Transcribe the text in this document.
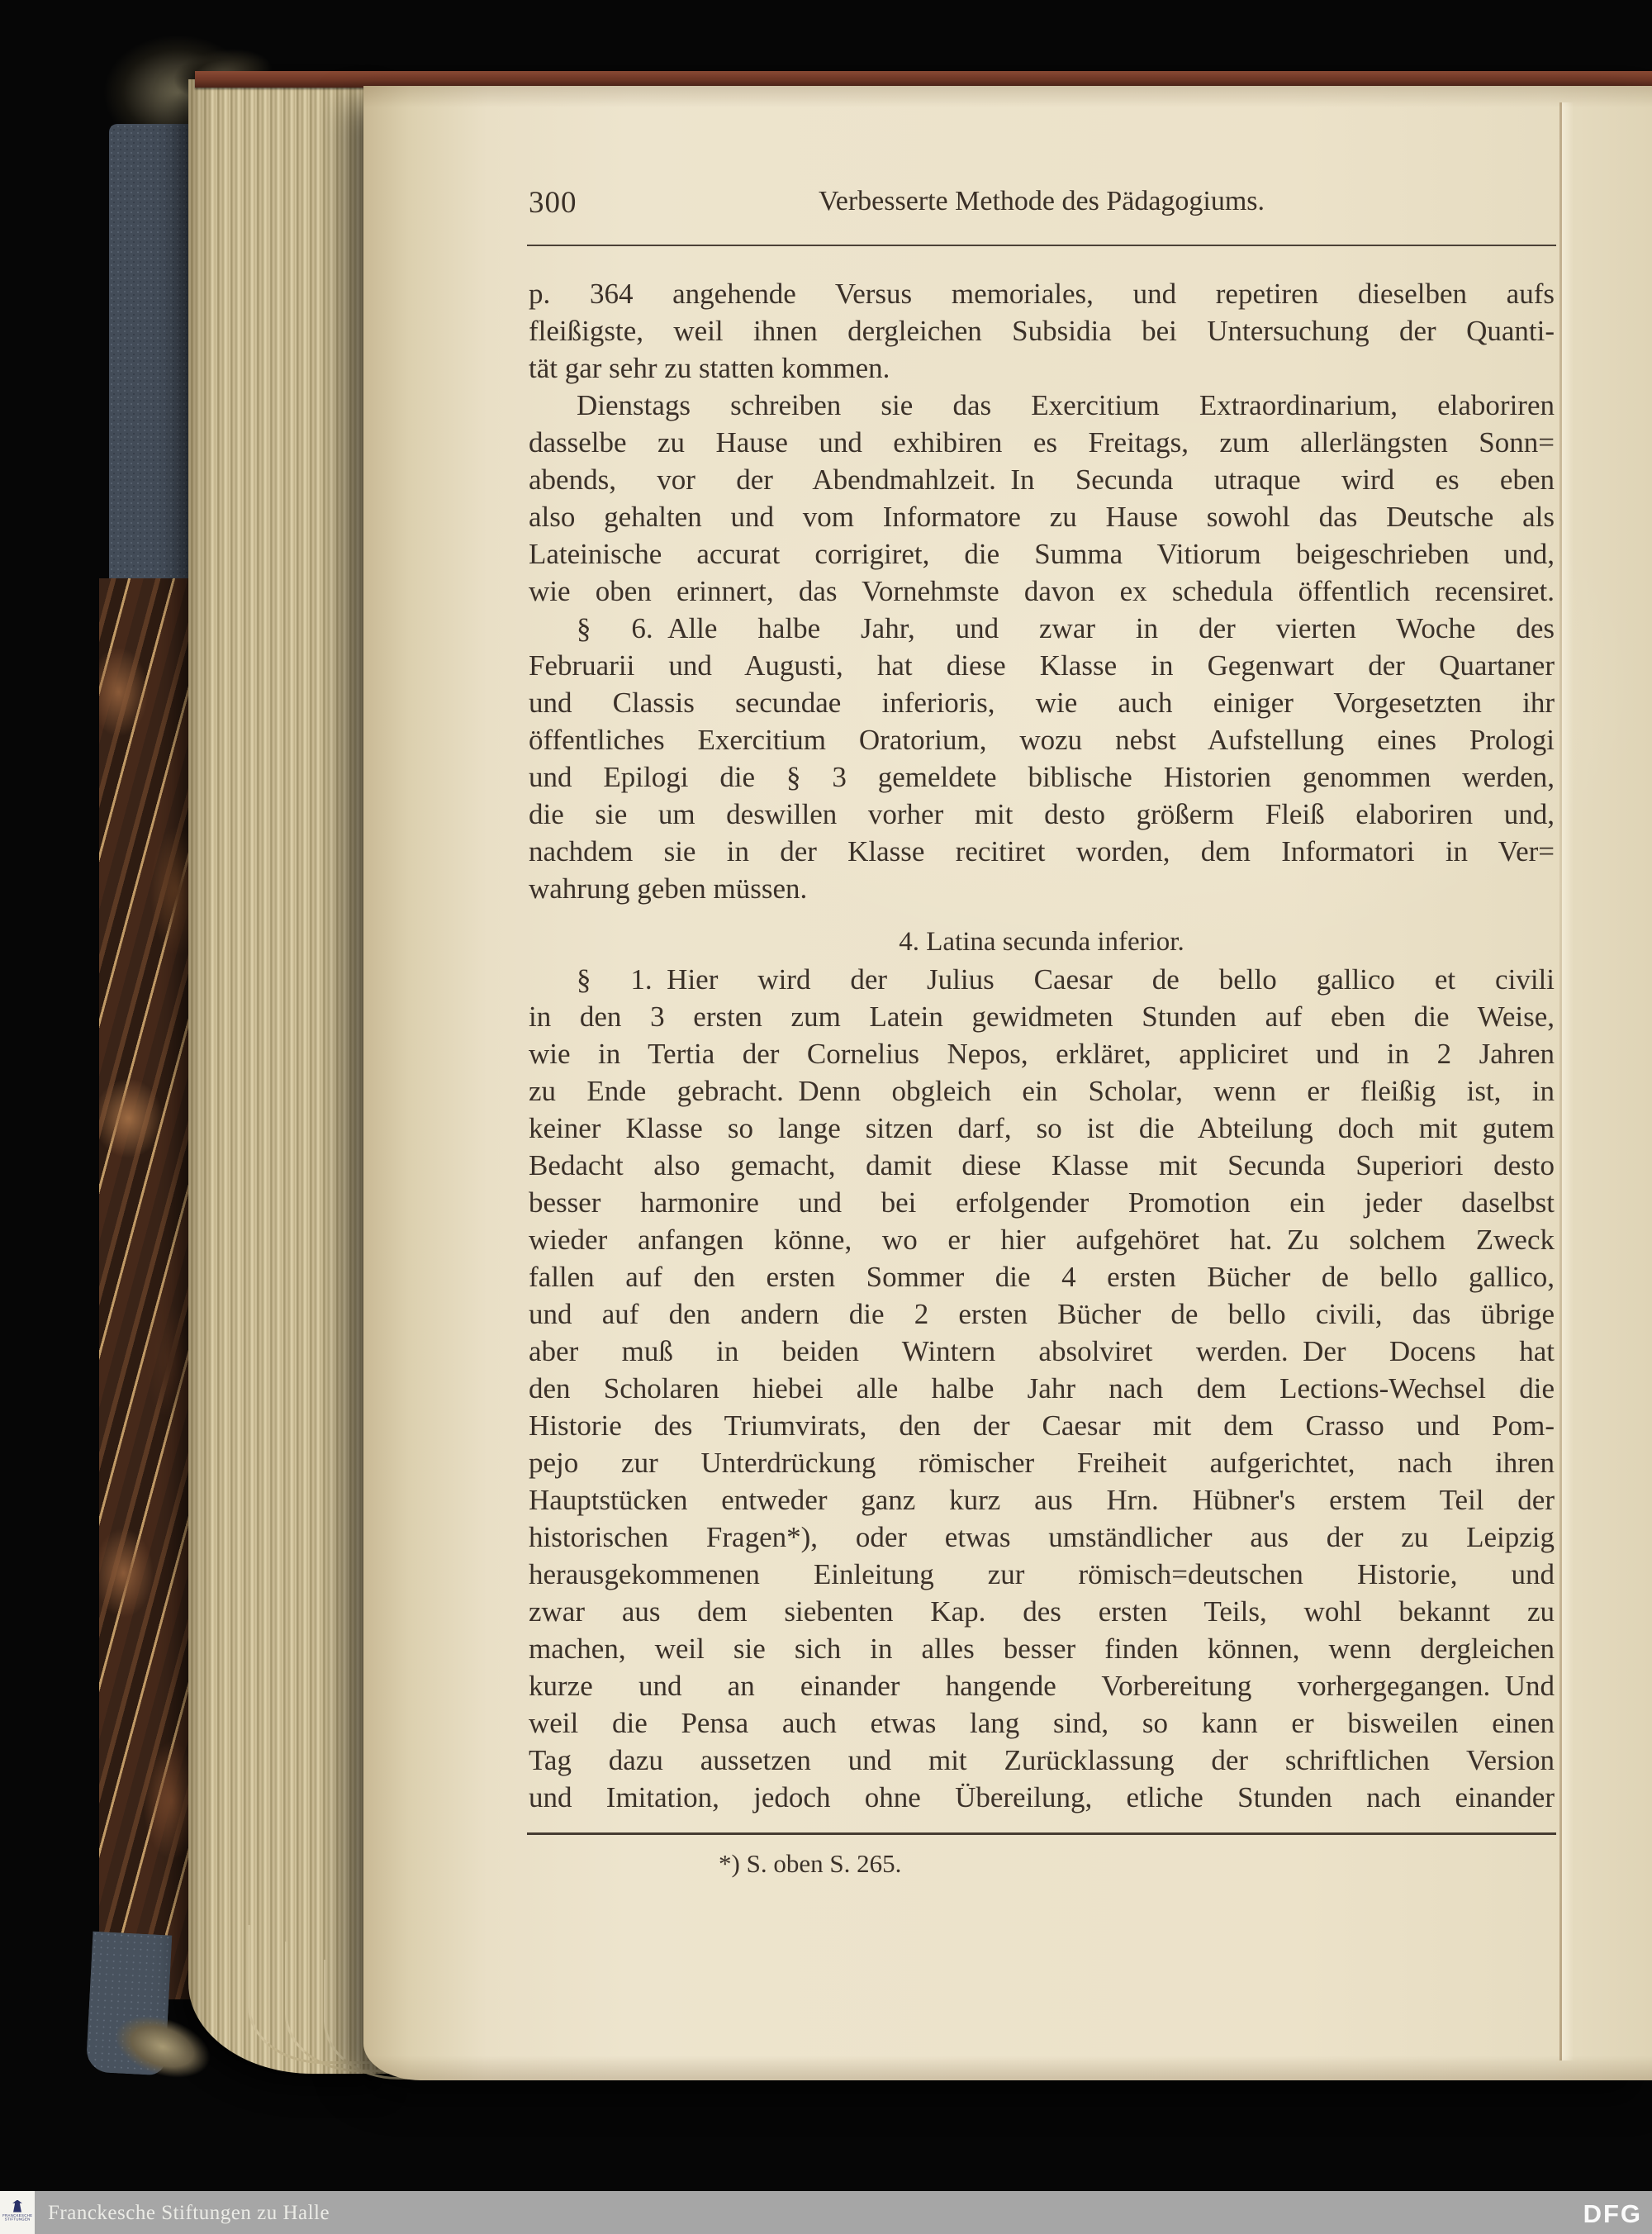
300	Verbesserte Methode des Pädagogiums.
p. 364 angehende Versus memoriales, und repetiren dieselben aufs
fleißigste, weil ihnen dergleichen Subsidia bei Untersuchung der Quanti-
tät gar sehr zu statten kommen.
Dienstags schreiben sie das Exercitium Extraordinarium, elaboriren
dasselbe zu Hause und exhibiren es Freitags, zum allerlängsten Sonn=
abends, vor der Abendmahlzeit. In Secunda utraque wird es eben
also gehalten und vom Informatore zu Hause sowohl das Deutsche als
Lateinische accurat corrigiret, die Summa Vitiorum beigeschrieben und,
wie oben erinnert, das Vornehmste davon ex schedula öffentlich recensiret.
§ 6. Alle halbe Jahr, und zwar in der vierten Woche des
Februarii und Augusti, hat diese Klasse in Gegenwart der Quartaner
und Classis secundae inferioris, wie auch einiger Vorgesetzten ihr
öffentliches Exercitium Oratorium, wozu nebst Aufstellung eines Prologi
und Epilogi die § 3 gemeldete biblische Historien genommen werden,
die sie um deswillen vorher mit desto größerm Fleiß elaboriren und,
nachdem sie in der Klasse recitiret worden, dem Informatori in Ver=
wahrung geben müssen.
4. Latina secunda inferior.
§ 1. Hier wird der Julius Caesar de bello gallico et civili
in den 3 ersten zum Latein gewidmeten Stunden auf eben die Weise,
wie in Tertia der Cornelius Nepos, erkläret, appliciret und in 2 Jahren
zu Ende gebracht. Denn obgleich ein Scholar, wenn er fleißig ist, in
keiner Klasse so lange sitzen darf, so ist die Abteilung doch mit gutem
Bedacht also gemacht, damit diese Klasse mit Secunda Superiori desto
besser harmonire und bei erfolgender Promotion ein jeder daselbst
wieder anfangen könne, wo er hier aufgehöret hat. Zu solchem Zweck
fallen auf den ersten Sommer die 4 ersten Bücher de bello gallico,
und auf den andern die 2 ersten Bücher de bello civili, das übrige
aber muß in beiden Wintern absolviret werden. Der Docens hat
den Scholaren hiebei alle halbe Jahr nach dem Lections-Wechsel die
Historie des Triumvirats, den der Caesar mit dem Crasso und Pom-
pejo zur Unterdrückung römischer Freiheit aufgerichtet, nach ihren
Hauptstücken entweder ganz kurz aus Hrn. Hübner's erstem Teil der
historischen Fragen*), oder etwas umständlicher aus der zu Leipzig
herausgekommenen Einleitung zur römisch=deutschen Historie, und
zwar aus dem siebenten Kap. des ersten Teils, wohl bekannt zu
machen, weil sie sich in alles besser finden können, wenn dergleichen
kurze und an einander hangende Vorbereitung vorhergegangen. Und
weil die Pensa auch etwas lang sind, so kann er bisweilen einen
Tag dazu aussetzen und mit Zurücklassung der schriftlichen Version
und Imitation, jedoch ohne Übereilung, etliche Stunden nach einander
*) S. oben S. 265.
FRANCKESCHE
STIFTUNGEN Franckesche Stiftungen zu Halle	DFG
